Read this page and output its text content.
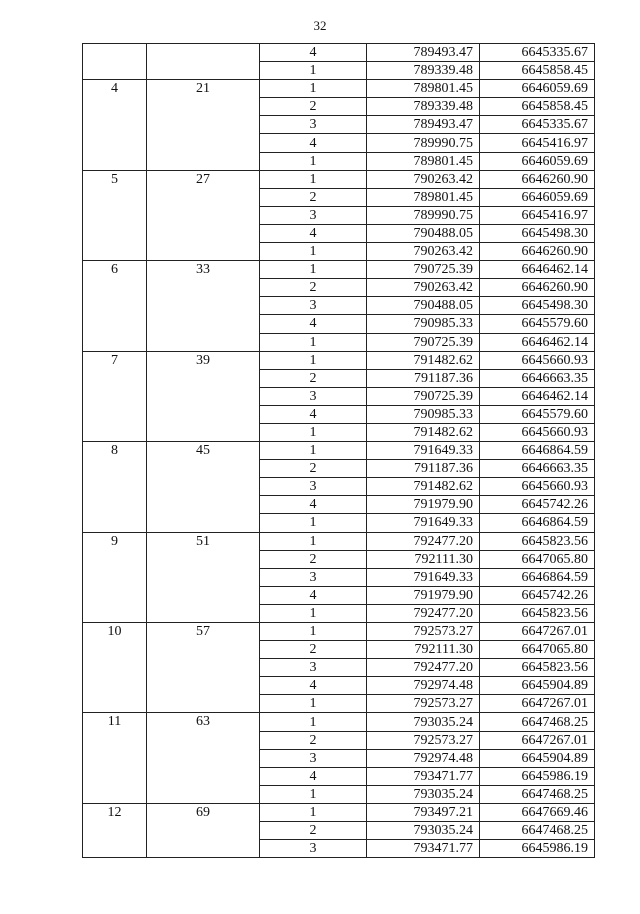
32
		4	789493.47	6645335.67
		1	789339.48	6645858.45
4	21	1	789801.45	6646059.69
		2	789339.48	6645858.45
		3	789493.47	6645335.67
		4	789990.75	6645416.97
		1	789801.45	6646059.69
5	27	1	790263.42	6646260.90
		2	789801.45	6646059.69
		3	789990.75	6645416.97
		4	790488.05	6645498.30
		1	790263.42	6646260.90
6	33	1	790725.39	6646462.14
		2	790263.42	6646260.90
		3	790488.05	6645498.30
		4	790985.33	6645579.60
		1	790725.39	6646462.14
7	39	1	791482.62	6645660.93
		2	791187.36	6646663.35
		3	790725.39	6646462.14
		4	790985.33	6645579.60
		1	791482.62	6645660.93
8	45	1	791649.33	6646864.59
		2	791187.36	6646663.35
		3	791482.62	6645660.93
		4	791979.90	6645742.26
		1	791649.33	6646864.59
9	51	1	792477.20	6645823.56
		2	792111.30	6647065.80
		3	791649.33	6646864.59
		4	791979.90	6645742.26
		1	792477.20	6645823.56
10	57	1	792573.27	6647267.01
		2	792111.30	6647065.80
		3	792477.20	6645823.56
		4	792974.48	6645904.89
		1	792573.27	6647267.01
11	63	1	793035.24	6647468.25
		2	792573.27	6647267.01
		3	792974.48	6645904.89
		4	793471.77	6645986.19
		1	793035.24	6647468.25
12	69	1	793497.21	6647669.46
		2	793035.24	6647468.25
		3	793471.77	6645986.19
